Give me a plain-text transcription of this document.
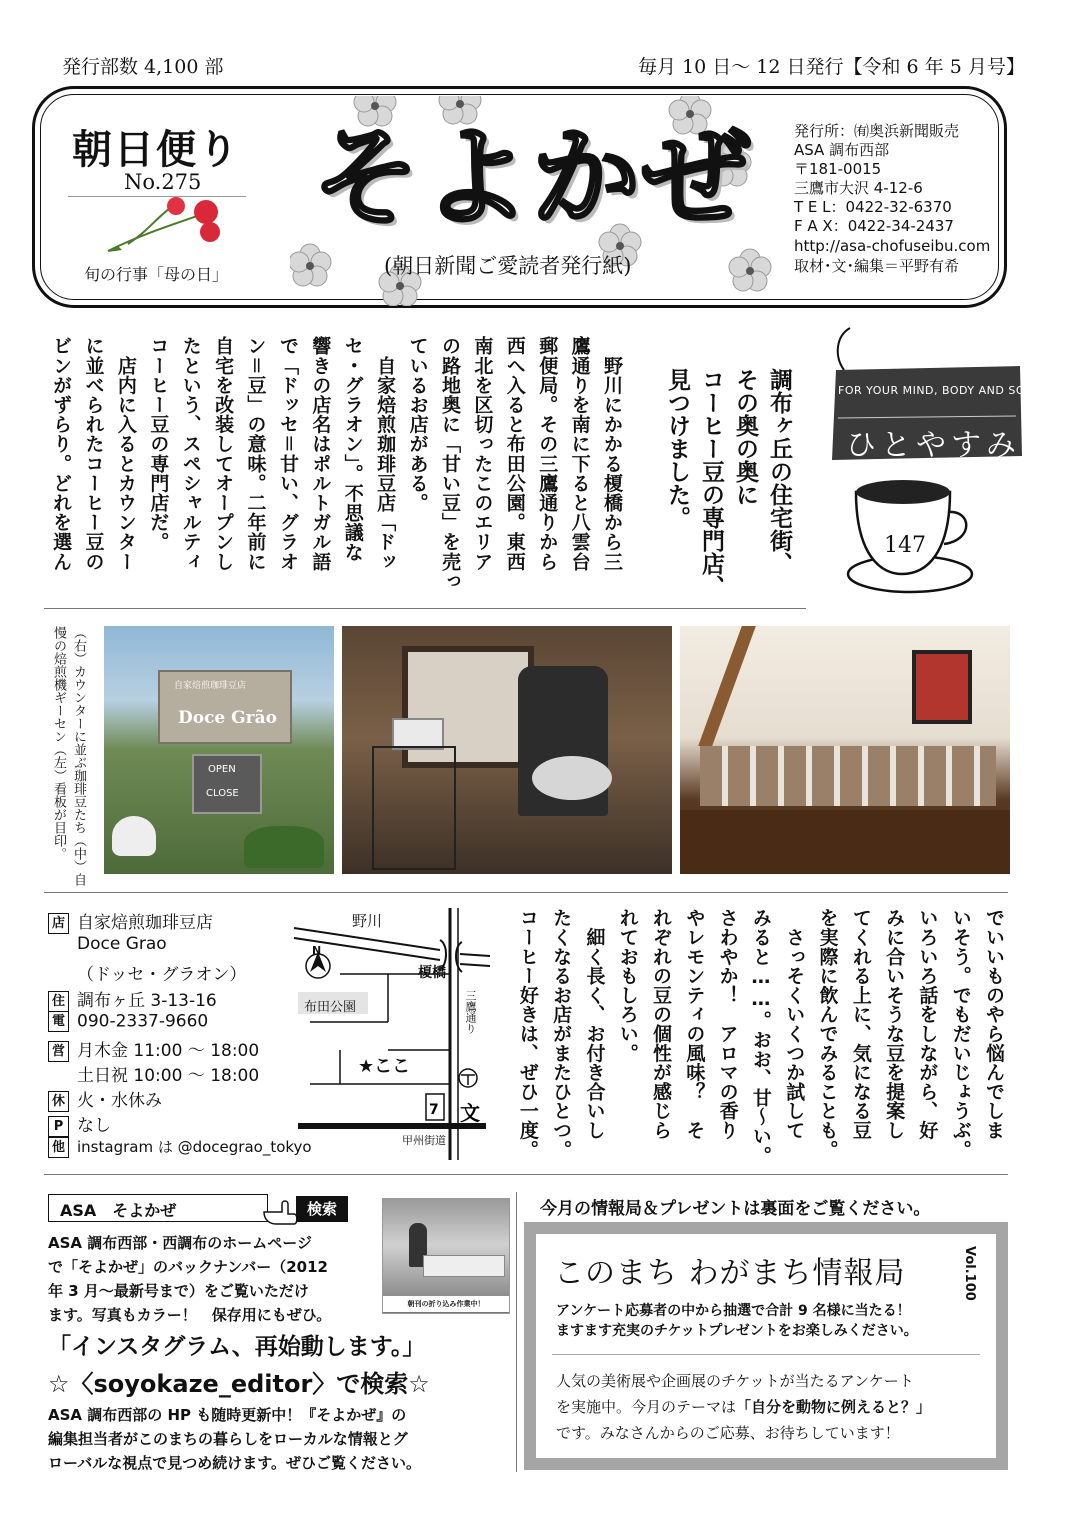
発行部数 4,100 部	毎月 10 日～ 12 日発行【令和 6 年 5 月号】
朝日便り
No.275
旬の行事「母の日」
そよかぜ
(朝日新聞ご愛読者発行紙)
発行所：㈲奥浜新聞販売
ASA 調布西部
〒181-0015
三鷹市大沢 4-12-6
T E L：0422-32-6370
F A X：0422-34-2437
http://asa-chofuseibu.com
取材･文･編集＝平野有希
FOR YOUR MIND, BODY AND SOUL
ひとやすみ
147
調布ヶ丘の住宅街、
その奥の奥に
コーヒー豆の専門店、
見つけました。
　野川にかかる榎橋から三
鷹通りを南に下ると八雲台
郵便局。その三鷹通りから
西へ入ると布田公園。東西
南北を区切ったこのエリア
の路地奥に「甘い豆」を売っ
ているお店がある。
　自家焙煎珈琲豆店「ドッ
セ・グラオン」。不思議な
響きの店名はポルトガル語
で「ドッセ＝甘い、グラオ
ン＝豆」の意味。二年前に
自宅を改装してオープンし
たという、スペシャルティ
コーヒー豆の専門店だ。
　店内に入るとカウンター
に並べられたコーヒー豆の
ビンがずらり。どれを選ん
（右）カウンターに並ぶ珈琲豆たち（中）自慢の焙煎機ギーセン（左）看板が目印。	自家焙煎珈琲豆店
Doce Grão
OPEN
CLOSE
店 自家焙煎珈琲豆店
Doce Grao
（ドッセ・グラオン）
住 調布ヶ丘 3-13-16
電 090-2337-9660
営 月木金 11:00 ～ 18:00
土日祝 10:00 ～ 18:00
休 火・水休み
P なし
他 instagram は @docegrao_tokyo
7 文
N
野川
榎橋
三鷹通り
布田公園
★ここ
甲州街道
でいいものやら悩んでしま
いそう。でもだいじょうぶ。
いろいろ話をしながら、好
みに合いそうな豆を提案し
てくれる上に、気になる豆
を実際に飲んでみることも。
　さっそくいくつか試して
みると……。おお、甘～い。
さわやか！　アロマの香り
やレモンティの風味？　そ
れぞれの豆の個性が感じら
れておもしろい。
　細く長く、お付き合いし
たくなるお店がまたひとつ。
コーヒー好きは、ぜひ一度。
ASA　そよかぜ	検索
ASA 調布西部・西調布のホームページ
で「そよかぜ」のバックナンバー（2012
年 3 月～最新号まで）をご覧いただけ
ます。写真もカラー！　保存用にもぜひ。
朝刊の折り込み作業中！
「インスタグラム、再始動します。」
☆〈soyokaze_editor〉で検索☆
ASA 調布西部の HP も随時更新中！『そよかぜ』の
編集担当者がこのまちの暮らしをローカルな情報とグ
ローバルな視点で見つめ続けます。ぜひご覧ください。
今月の情報局＆プレゼントは裏面をご覧ください。
このまち わがまち情報局	Vol.100
アンケート応募者の中から抽選で合計 9 名様に当たる！
ますます充実のチケットプレゼントをお楽しみください。
人気の美術展や企画展のチケットが当たるアンケート
を実施中。今月のテーマは「自分を動物に例えると？」
です。みなさんからのご応募、お待ちしています！
